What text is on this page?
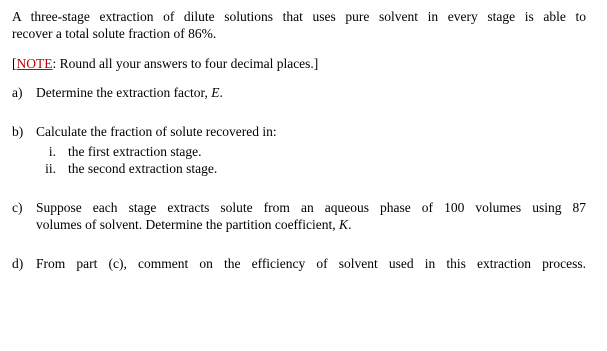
A three-stage extraction of dilute solutions that uses pure solvent in every stage is able to
recover a total solute fraction of 86%.
[NOTE: Round all your answers to four decimal places.]
a) Determine the extraction factor, E.
b) Calculate the fraction of solute recovered in:
i. the first extraction stage.
ii. the second extraction stage.
c) Suppose each stage extracts solute from an aqueous phase of 100 volumes using 87
volumes of solvent. Determine the partition coefficient, K.
d) From part (c), comment on the efficiency of solvent used in this extraction process.
